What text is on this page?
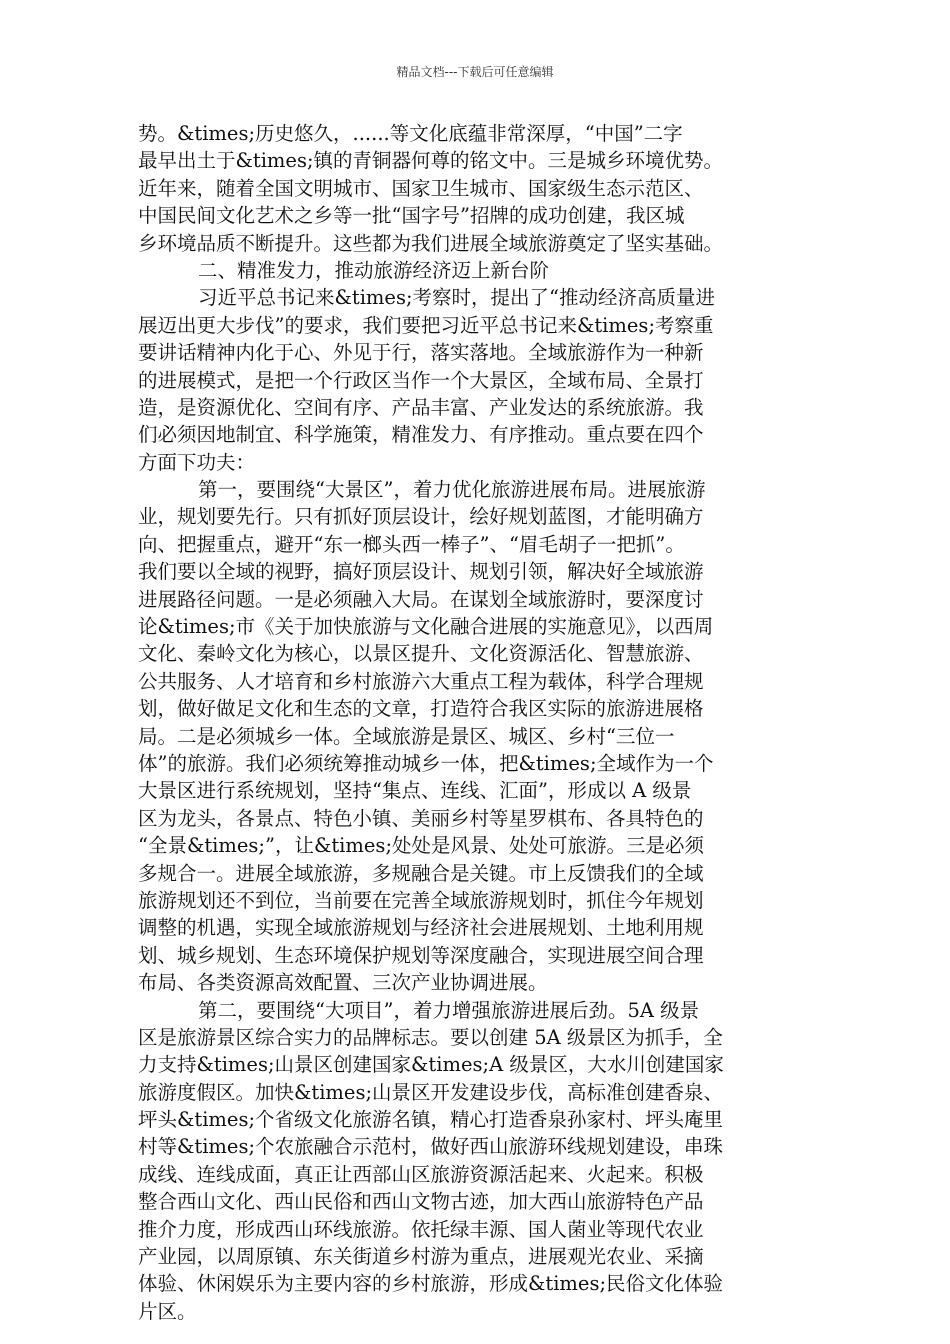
精品文档---下载后可任意编辑
势。&times;历史悠久，......等文化底蕴非常深厚，“中国”二字
最早出土于&times;镇的青铜器何尊的铭文中。三是城乡环境优势。
近年来，随着全国文明城市、国家卫生城市、国家级生态示范区、
中国民间文化艺术之乡等一批“国字号”招牌的成功创建，我区城
乡环境品质不断提升。这些都为我们进展全域旅游奠定了坚实基础。
二、精准发力，推动旅游经济迈上新台阶
习近平总书记来&times;考察时，提出了“推动经济高质量进
展迈出更大步伐”的要求，我们要把习近平总书记来&times;考察重
要讲话精神内化于心、外见于行，落实落地。全域旅游作为一种新
的进展模式，是把一个行政区当作一个大景区，全域布局、全景打
造，是资源优化、空间有序、产品丰富、产业发达的系统旅游。我
们必须因地制宜、科学施策，精准发力、有序推动。重点要在四个
方面下功夫：
第一，要围绕“大景区”，着力优化旅游进展布局。进展旅游
业，规划要先行。只有抓好顶层设计，绘好规划蓝图，才能明确方
向、把握重点，避开“东一榔头西一棒子”、“眉毛胡子一把抓”。
我们要以全域的视野，搞好顶层设计、规划引领，解决好全域旅游
进展路径问题。一是必须融入大局。在谋划全域旅游时，要深度讨
论&times;市《关于加快旅游与文化融合进展的实施意见》，以西周
文化、秦岭文化为核心，以景区提升、文化资源活化、智慧旅游、
公共服务、人才培育和乡村旅游六大重点工程为载体，科学合理规
划，做好做足文化和生态的文章，打造符合我区实际的旅游进展格
局。二是必须城乡一体。全域旅游是景区、城区、乡村“三位一
体”的旅游。我们必须统筹推动城乡一体，把&times;全域作为一个
大景区进行系统规划，坚持“集点、连线、汇面”，形成以 A 级景
区为龙头，各景点、特色小镇、美丽乡村等星罗棋布、各具特色的
“全景&times;”，让&times;处处是风景、处处可旅游。三是必须
多规合一。进展全域旅游，多规融合是关键。市上反馈我们的全域
旅游规划还不到位，当前要在完善全域旅游规划时，抓住今年规划
调整的机遇，实现全域旅游规划与经济社会进展规划、土地利用规
划、城乡规划、生态环境保护规划等深度融合，实现进展空间合理
布局、各类资源高效配置、三次产业协调进展。
第二，要围绕“大项目”，着力增强旅游进展后劲。5A 级景
区是旅游景区综合实力的品牌标志。要以创建 5A 级景区为抓手，全
力支持&times;山景区创建国家&times;A 级景区，大水川创建国家
旅游度假区。加快&times;山景区开发建设步伐，高标准创建香泉、
坪头&times;个省级文化旅游名镇，精心打造香泉孙家村、坪头庵里
村等&times;个农旅融合示范村，做好西山旅游环线规划建设，串珠
成线、连线成面，真正让西部山区旅游资源活起来、火起来。积极
整合西山文化、西山民俗和西山文物古迹，加大西山旅游特色产品
推介力度，形成西山环线旅游。依托绿丰源、国人菌业等现代农业
产业园，以周原镇、东关街道乡村游为重点，进展观光农业、采摘
体验、休闲娱乐为主要内容的乡村旅游，形成&times;民俗文化体验
片区。
